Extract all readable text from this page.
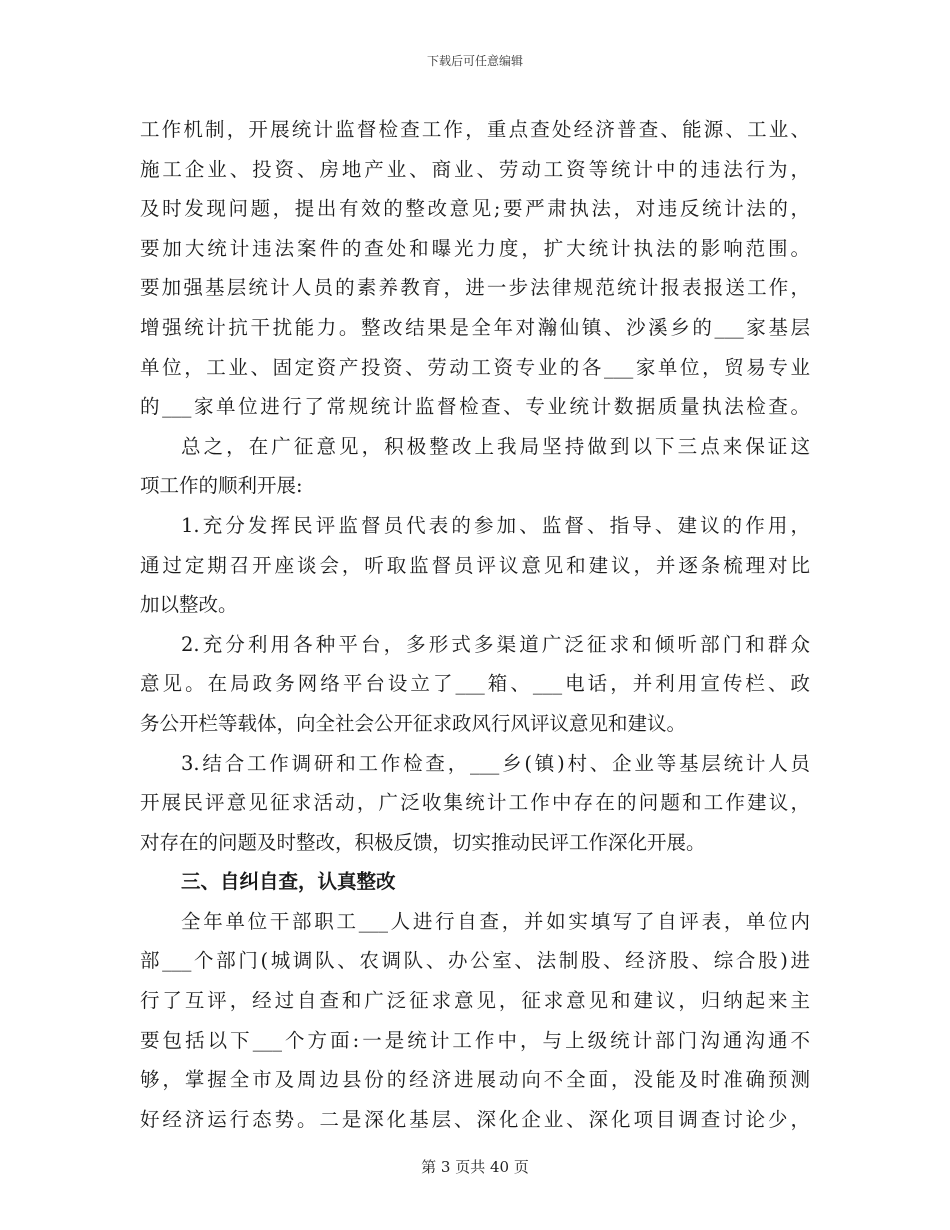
下载后可任意编辑
工作机制，开展统计监督检查工作，重点查处经济普查、能源、工业、
施工企业、投资、房地产业、商业、劳动工资等统计中的违法行为，
及时发现问题，提出有效的整改意见;要严肃执法，对违反统计法的，
要加大统计违法案件的查处和曝光力度，扩大统计执法的影响范围。
要加强基层统计人员的素养教育，进一步法律规范统计报表报送工作，
增强统计抗干扰能力。整改结果是全年对瀚仙镇、沙溪乡的___家基层
单位，工业、固定资产投资、劳动工资专业的各___家单位，贸易专业
的___家单位进行了常规统计监督检查、专业统计数据质量执法检查。
总之，在广征意见，积极整改上我局坚持做到以下三点来保证这
项工作的顺利开展:
1.充分发挥民评监督员代表的参加、监督、指导、建议的作用，
通过定期召开座谈会，听取监督员评议意见和建议，并逐条梳理对比
加以整改。
2.充分利用各种平台，多形式多渠道广泛征求和倾听部门和群众
意见。在局政务网络平台设立了___箱、___电话，并利用宣传栏、政
务公开栏等载体，向全社会公开征求政风行风评议意见和建议。
3.结合工作调研和工作检查，___乡(镇)村、企业等基层统计人员
开展民评意见征求活动，广泛收集统计工作中存在的问题和工作建议，
对存在的问题及时整改，积极反馈，切实推动民评工作深化开展。
三、自纠自查，认真整改
全年单位干部职工___人进行自查，并如实填写了自评表，单位内
部___个部门(城调队、农调队、办公室、法制股、经济股、综合股)进
行了互评，经过自查和广泛征求意见，征求意见和建议，归纳起来主
要包括以下___个方面:一是统计工作中，与上级统计部门沟通沟通不
够，掌握全市及周边县份的经济进展动向不全面，没能及时准确预测
好经济运行态势。二是深化基层、深化企业、深化项目调查讨论少，
第 3 页共 40 页
